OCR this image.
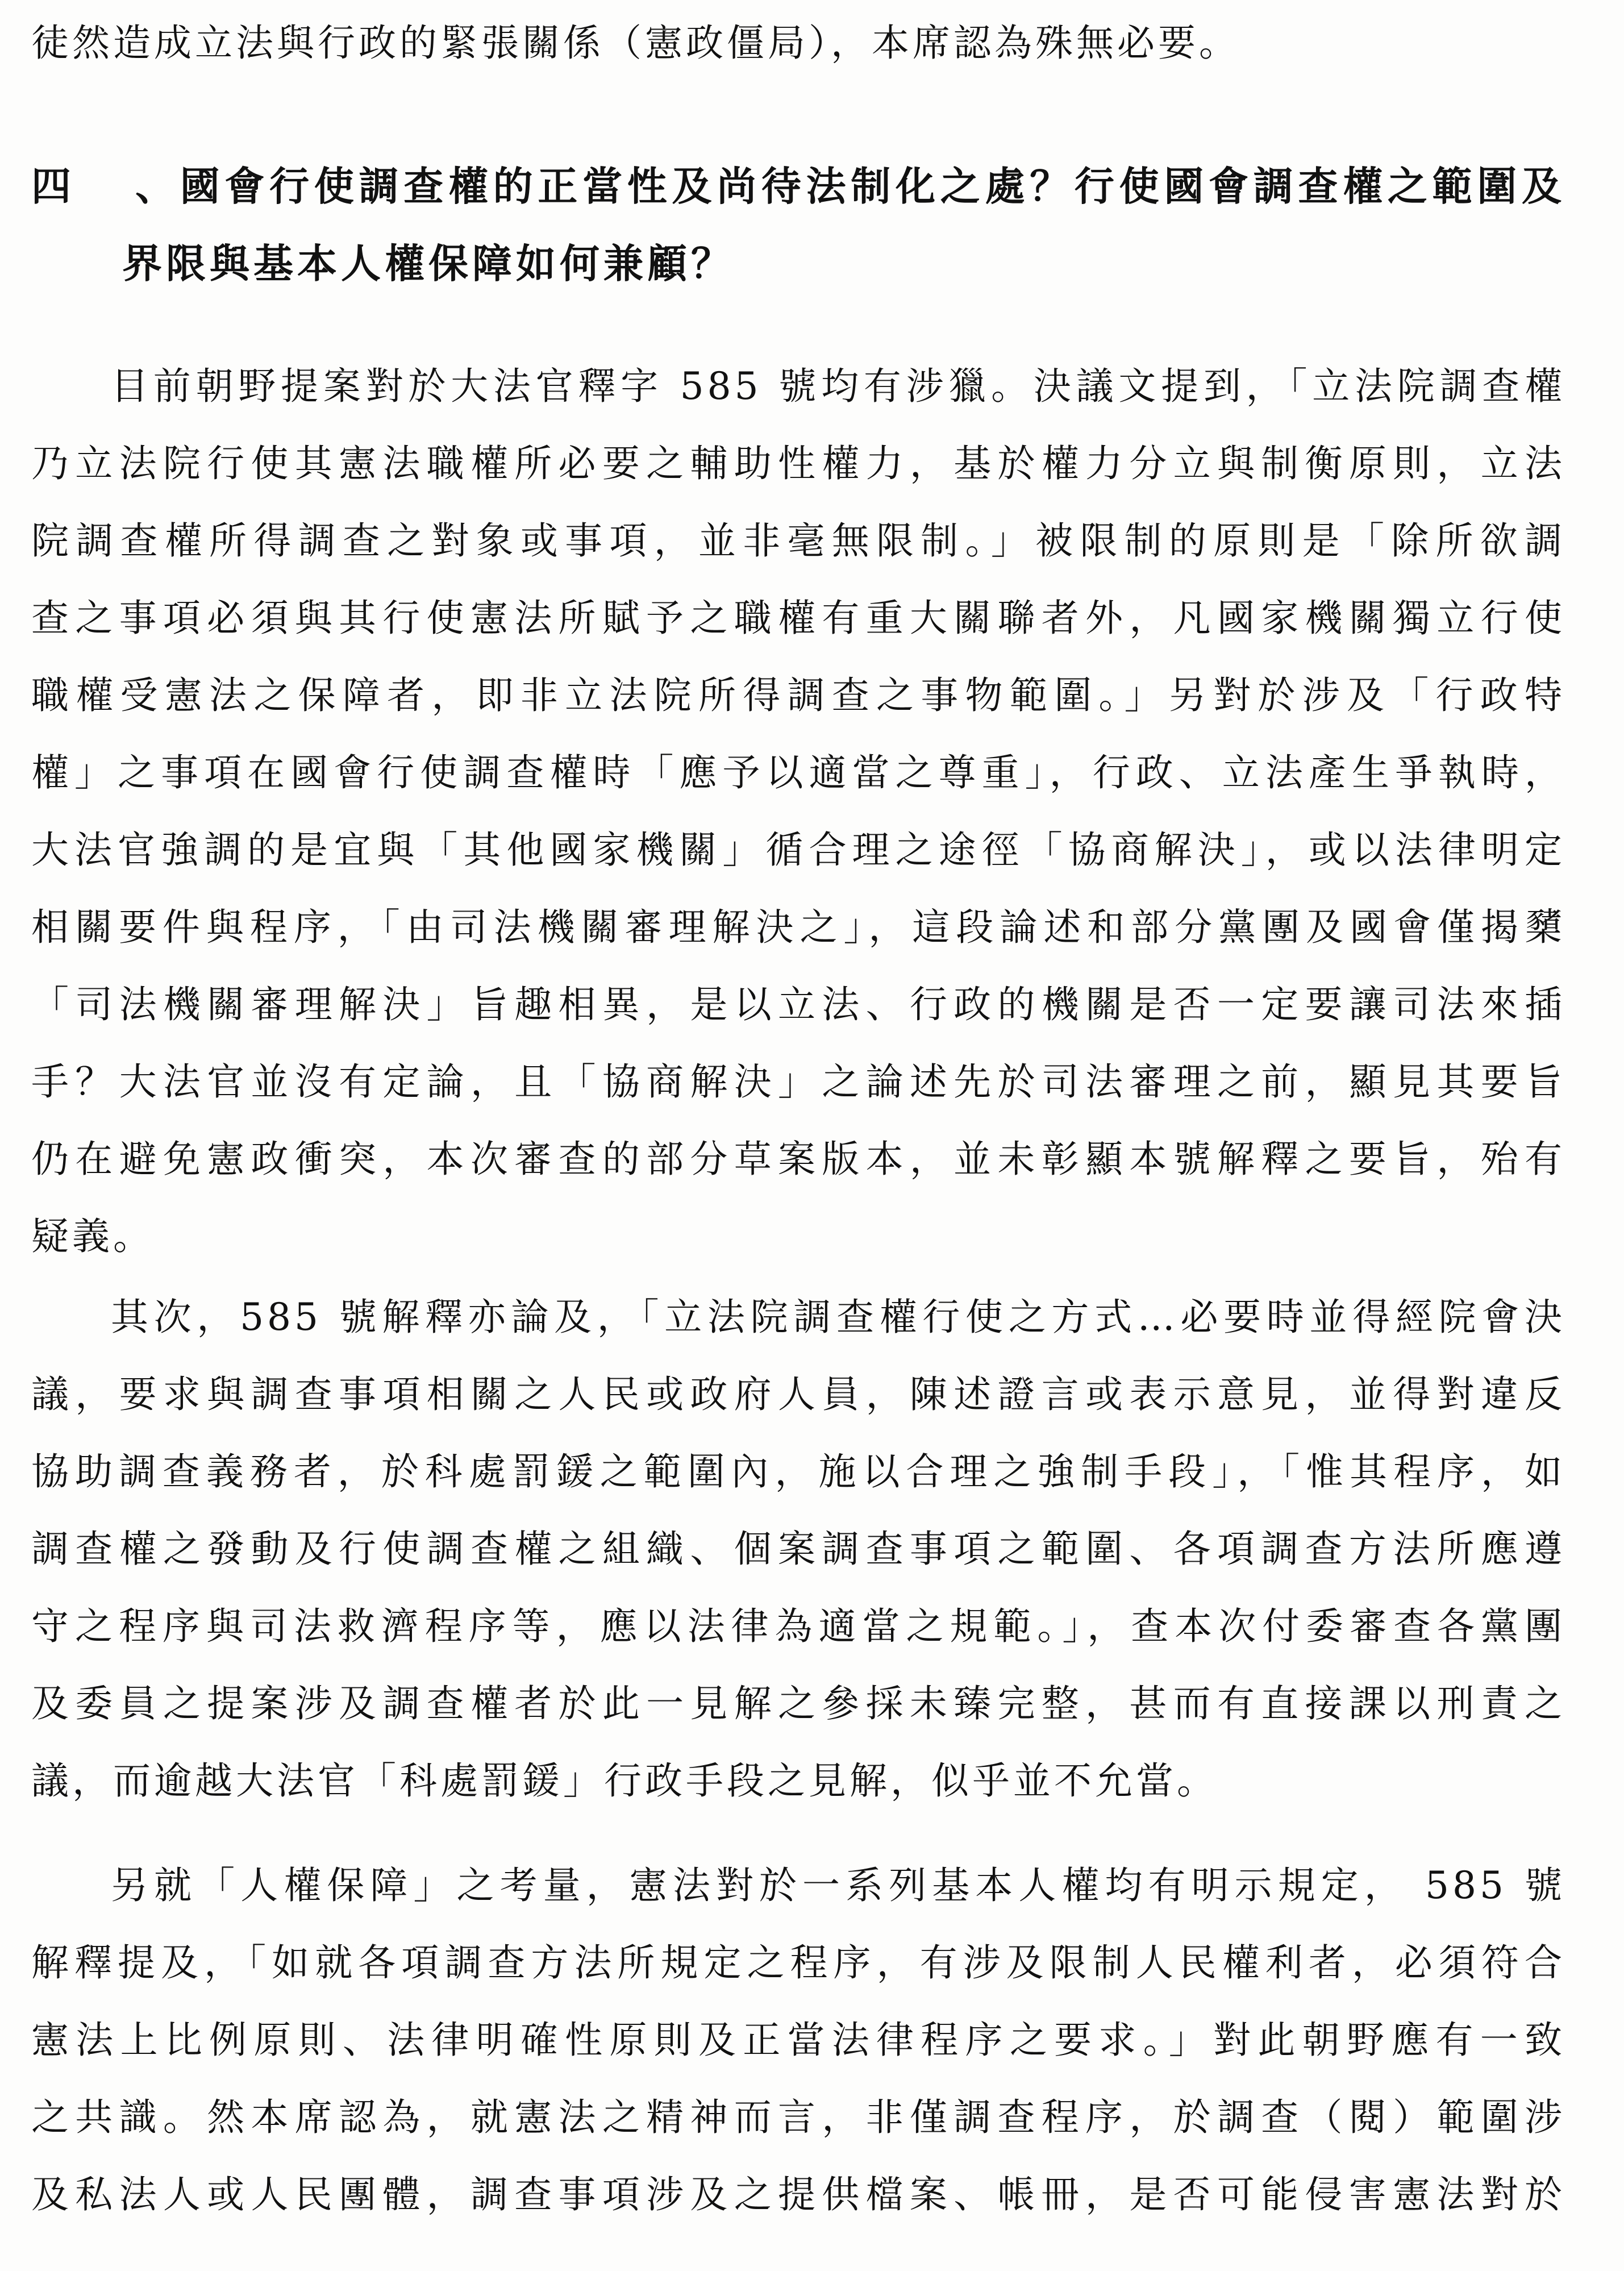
徒然造成立法與行政的緊張關係（憲政僵局），本席認為殊無必要。
四、國會行使調查權的正當性及尚待法制化之處？行使國會調查權之範圍及
界限與基本人權保障如何兼顧？
目前朝野提案對於大法官釋字 585 號均有涉獵。決議文提到，「立法院調查權
乃立法院行使其憲法職權所必要之輔助性權力，基於權力分立與制衡原則，立法
院調查權所得調查之對象或事項，並非毫無限制。」被限制的原則是「除所欲調
查之事項必須與其行使憲法所賦予之職權有重大關聯者外，凡國家機關獨立行使
職權受憲法之保障者，即非立法院所得調查之事物範圍。」另對於涉及「行政特
權」之事項在國會行使調查權時「應予以適當之尊重」，行政、立法產生爭執時，
大法官強調的是宜與「其他國家機關」循合理之途徑「協商解決」，或以法律明定
相關要件與程序，「由司法機關審理解決之」，這段論述和部分黨團及國會僅揭櫫
「司法機關審理解決」旨趣相異，是以立法、行政的機關是否一定要讓司法來插
手？大法官並沒有定論，且「協商解決」之論述先於司法審理之前，顯見其要旨
仍在避免憲政衝突，本次審查的部分草案版本，並未彰顯本號解釋之要旨，殆有
疑義。
其次，585 號解釋亦論及，「立法院調查權行使之方式…必要時並得經院會決
議，要求與調查事項相關之人民或政府人員，陳述證言或表示意見，並得對違反
協助調查義務者，於科處罰鍰之範圍內，施以合理之強制手段」，「惟其程序，如
調查權之發動及行使調查權之組織、個案調查事項之範圍、各項調查方法所應遵
守之程序與司法救濟程序等，應以法律為適當之規範。」，查本次付委審查各黨團
及委員之提案涉及調查權者於此一見解之參採未臻完整，甚而有直接課以刑責之
議，而逾越大法官「科處罰鍰」行政手段之見解，似乎並不允當。
另就「人權保障」之考量，憲法對於一系列基本人權均有明示規定， 585 號
解釋提及，「如就各項調查方法所規定之程序，有涉及限制人民權利者，必須符合
憲法上比例原則、法律明確性原則及正當法律程序之要求。」對此朝野應有一致
之共識。然本席認為，就憲法之精神而言，非僅調查程序，於調查（閱）範圍涉
及私法人或人民團體，調查事項涉及之提供檔案、帳冊，是否可能侵害憲法對於
